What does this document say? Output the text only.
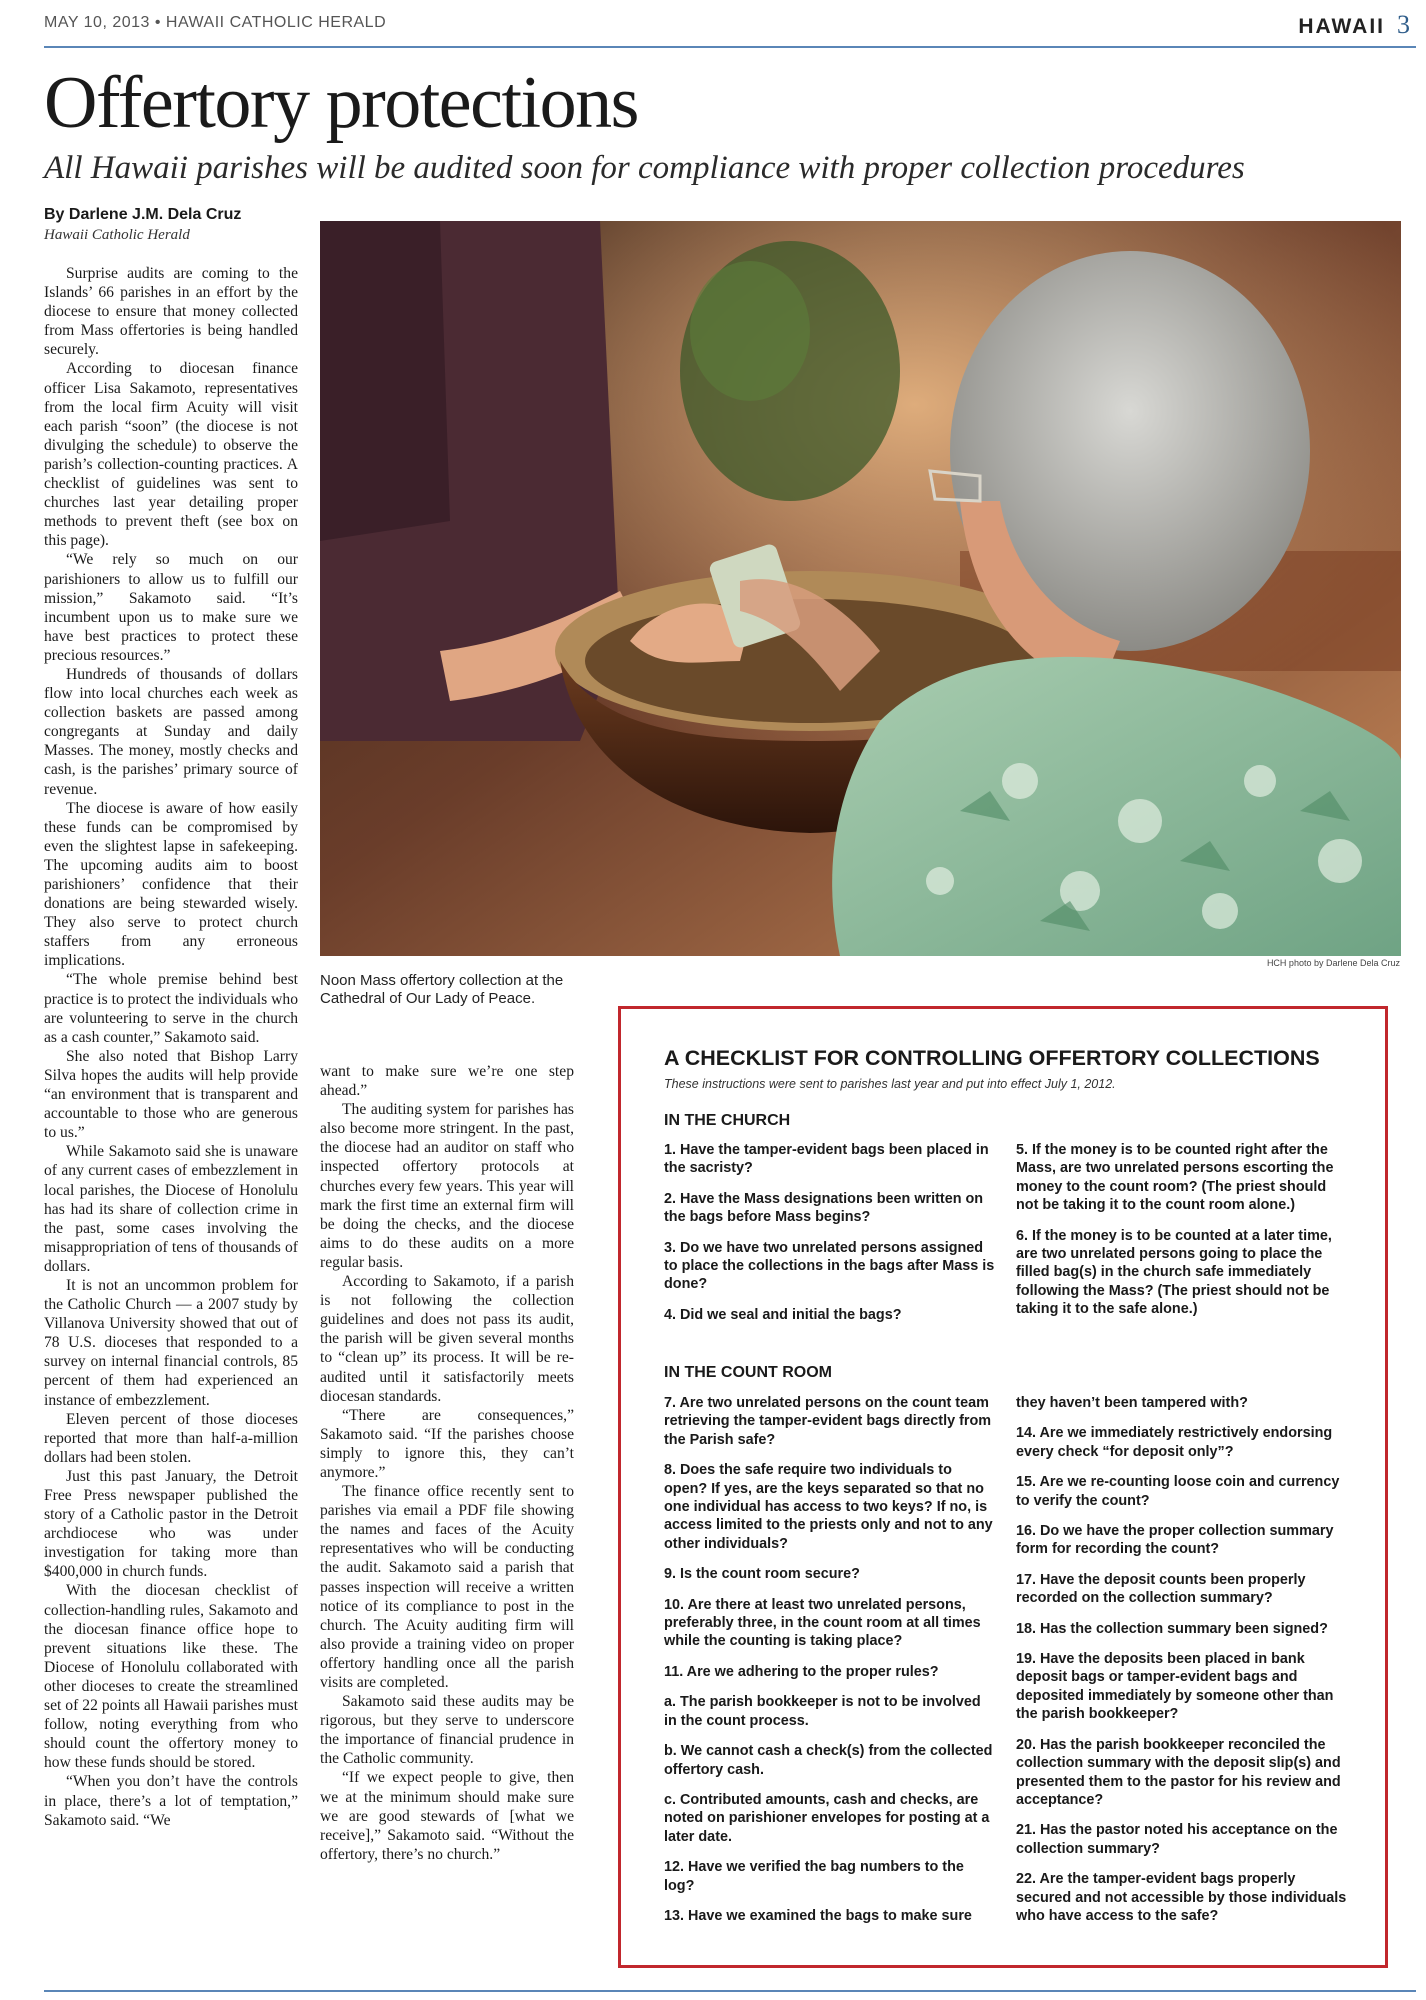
MAY 10, 2013 • HAWAII CATHOLIC HERALD	HAWAII 3
Offertory protections
All Hawaii parishes will be audited soon for compliance with proper collection procedures
By Darlene J.M. Dela Cruz
Hawaii Catholic Herald

Surprise audits are coming to the Islands’ 66 parishes in an effort by the diocese to ensure that money collected from Mass offertories is being handled securely.

According to diocesan finance officer Lisa Sakamoto, representatives from the local firm Acuity will visit each parish “soon” (the diocese is not divulging the schedule) to observe the parish’s collection-counting practices. A checklist of guidelines was sent to churches last year detailing proper methods to prevent theft (see box on this page).

“We rely so much on our parishioners to allow us to fulfill our mission,” Sakamoto said. “It’s incumbent upon us to make sure we have best practices to protect these precious resources.”

Hundreds of thousands of dollars flow into local churches each week as collection baskets are passed among congregants at Sunday and daily Masses. The money, mostly checks and cash, is the parishes’ primary source of revenue.

The diocese is aware of how easily these funds can be compromised by even the slightest lapse in safekeeping. The upcoming audits aim to boost parishioners’ confidence that their donations are being stewarded wisely. They also serve to protect church staffers from any erroneous implications.

“The whole premise behind best practice is to protect the individuals who are volunteering to serve in the church as a cash counter,” Sakamoto said.

She also noted that Bishop Larry Silva hopes the audits will help provide “an environment that is transparent and accountable to those who are generous to us.”

While Sakamoto said she is unaware of any current cases of embezzlement in local parishes, the Diocese of Honolulu has had its share of collection crime in the past, some cases involving the misappropriation of tens of thousands of dollars.

It is not an uncommon problem for the Catholic Church — a 2007 study by Villanova University showed that out of 78 U.S. dioceses that responded to a survey on internal financial controls, 85 percent of them had experienced an instance of embezzlement.

Eleven percent of those dioceses reported that more than half-a-million dollars had been stolen.

Just this past January, the Detroit Free Press newspaper published the story of a Catholic pastor in the Detroit archdiocese who was under investigation for taking more than $400,000 in church funds.

With the diocesan checklist of collection-handling rules, Sakamoto and the diocesan finance office hope to prevent situations like these. The Diocese of Honolulu collaborated with other dioceses to create the streamlined set of 22 points all Hawaii parishes must follow, noting everything from who should count the offertory money to how these funds should be stored.

“When you don’t have the controls in place, there’s a lot of temptation,” Sakamoto said. “We

HCH photo by Darlene Dela Cruz
Noon Mass offertory collection at the Cathedral of Our Lady of Peace.

want to make sure we’re one step ahead.”

The auditing system for parishes has also become more stringent. In the past, the diocese had an auditor on staff who inspected offertory protocols at churches every few years. This year will mark the first time an external firm will be doing the checks, and the diocese aims to do these audits on a more regular basis.

According to Sakamoto, if a parish is not following the collection guidelines and does not pass its audit, the parish will be given several months to “clean up” its process. It will be re-audited until it satisfactorily meets diocesan standards.

“There are consequences,” Sakamoto said. “If the parishes choose simply to ignore this, they can’t anymore.”

The finance office recently sent to parishes via email a PDF file showing the names and faces of the Acuity representatives who will be conducting the audit. Sakamoto said a parish that passes inspection will receive a written notice of its compliance to post in the church. The Acuity auditing firm will also provide a training video on proper offertory handling once all the parish visits are completed.

Sakamoto said these audits may be rigorous, but they serve to underscore the importance of financial prudence in the Catholic community.

“If we expect people to give, then we at the minimum should make sure we are good stewards of [what we receive],” Sakamoto said. “Without the offertory, there’s no church.”

A CHECKLIST FOR CONTROLLING OFFERTORY COLLECTIONS
These instructions were sent to parishes last year and put into effect July 1, 2012.
IN THE CHURCH
1. Have the tamper-evident bags been placed in the sacristy?
2. Have the Mass designations been written on the bags before Mass begins?
3. Do we have two unrelated persons assigned to place the collections in the bags after Mass is done?
4. Did we seal and initial the bags?
5. If the money is to be counted right after the Mass, are two unrelated persons escorting the money to the count room? (The priest should not be taking it to the count room alone.)
6. If the money is to be counted at a later time, are two unrelated persons going to place the filled bag(s) in the church safe immediately following the Mass? (The priest should not be taking it to the safe alone.)
IN THE COUNT ROOM
7. Are two unrelated persons on the count team retrieving the tamper-evident bags directly from the Parish safe?
8. Does the safe require two individuals to open? If yes, are the keys separated so that no one individual has access to two keys? If no, is access limited to the priests only and not to any other individuals?
9. Is the count room secure?
10. Are there at least two unrelated persons, preferably three, in the count room at all times while the counting is taking place?
11. Are we adhering to the proper rules?
a. The parish bookkeeper is not to be involved in the count process.
b. We cannot cash a check(s) from the collected offertory cash.
c. Contributed amounts, cash and checks, are noted on parishioner envelopes for posting at a later date.
12. Have we verified the bag numbers to the log?
13. Have we examined the bags to make sure
they haven’t been tampered with?
14. Are we immediately restrictively endorsing every check “for deposit only”?
15. Are we re-counting loose coin and currency to verify the count?
16. Do we have the proper collection summary form for recording the count?
17. Have the deposit counts been properly recorded on the collection summary?
18. Has the collection summary been signed?
19. Have the deposits been placed in bank deposit bags or tamper-evident bags and deposited immediately by someone other than the parish bookkeeper?
20. Has the parish bookkeeper reconciled the collection summary with the deposit slip(s) and presented them to the pastor for his review and acceptance?
21. Has the pastor noted his acceptance on the collection summary?
22. Are the tamper-evident bags properly secured and not accessible by those individuals who have access to the safe?
